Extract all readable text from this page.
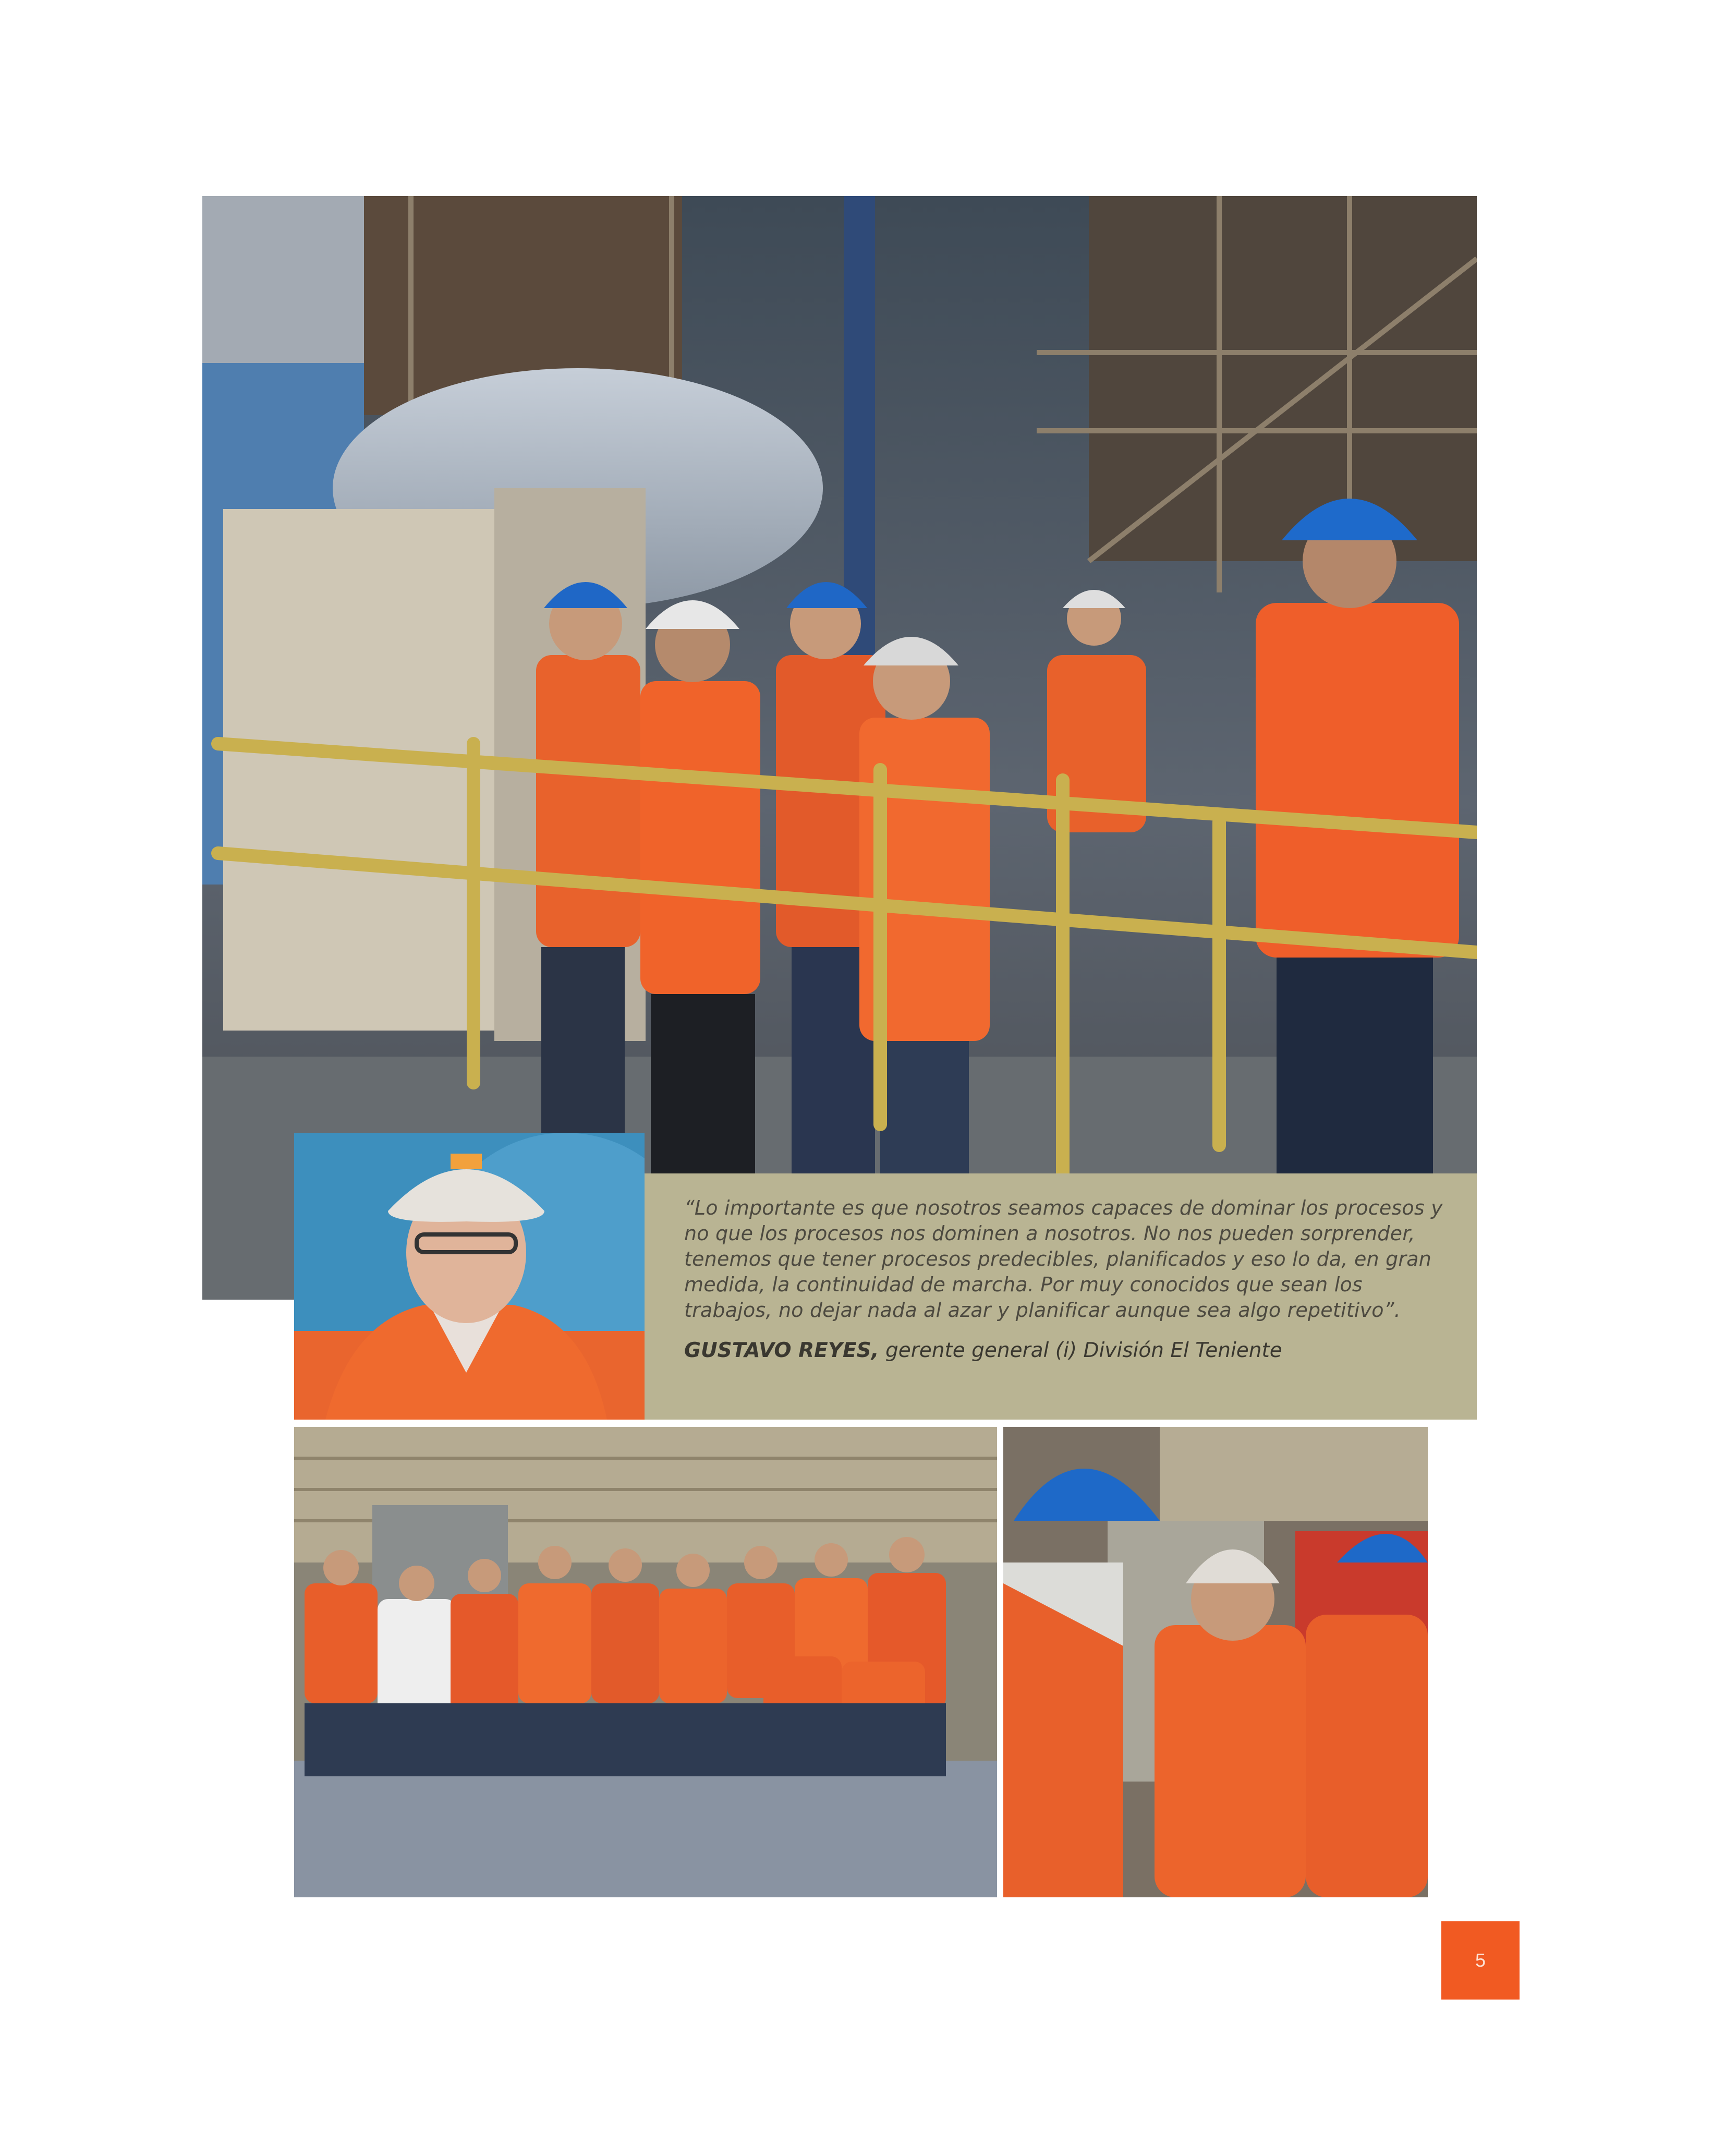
“Lo importante es que nosotros seamos capaces de dominar los procesos y no que los procesos nos dominen a nosotros. No nos pueden sorprender, tenemos que tener procesos predecibles, planificados y eso lo da, en gran medida, la continuidad de marcha. Por muy conocidos que sean los trabajos, no dejar nada al azar y planificar aunque sea algo repetitivo”.

GUSTAVO REYES, gerente general (i) División El Teniente

5
